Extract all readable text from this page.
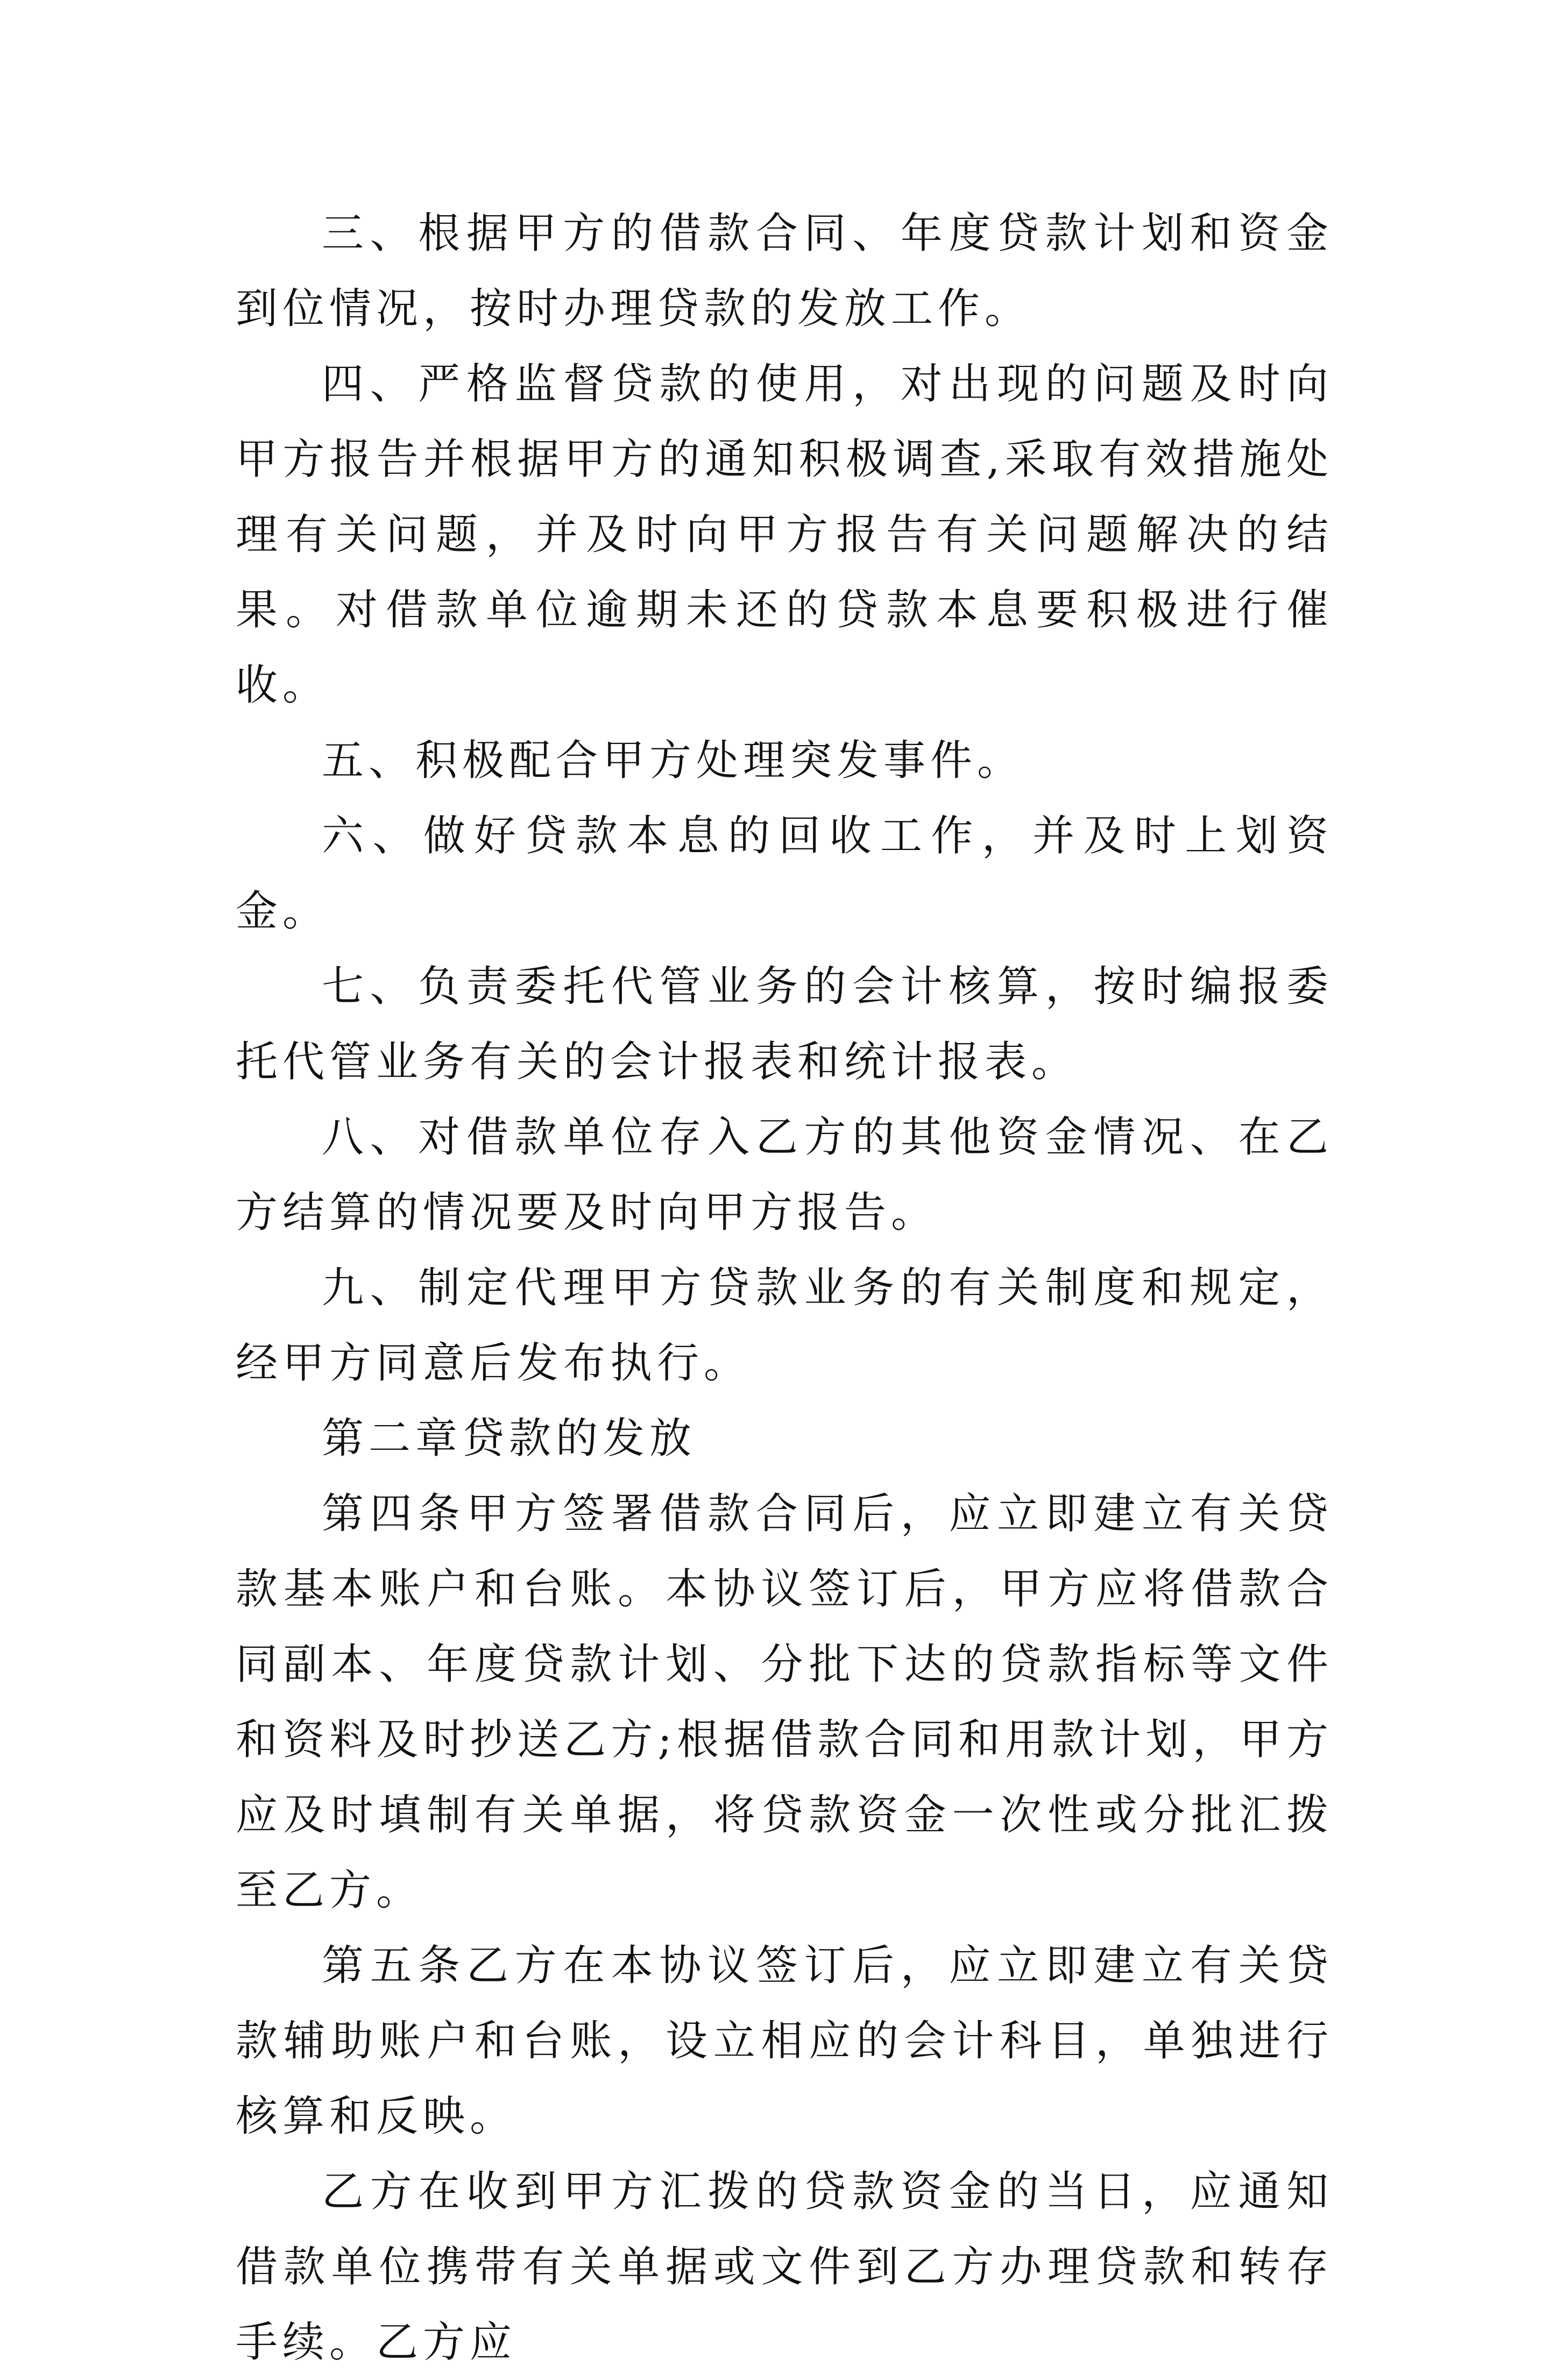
三、根据甲方的借款合同、年度贷款计划和资金到位情况，按时办理贷款的发放工作。

四、严格监督贷款的使用，对出现的问题及时向甲方报告并根据甲方的通知积极调查,采取有效措施处理有关问题，并及时向甲方报告有关问题解决的结果。对借款单位逾期未还的贷款本息要积极进行催收。

五、积极配合甲方处理突发事件。

六、做好贷款本息的回收工作，并及时上划资金。

七、负责委托代管业务的会计核算，按时编报委托代管业务有关的会计报表和统计报表。

八、对借款单位存入乙方的其他资金情况、在乙方结算的情况要及时向甲方报告。

九、制定代理甲方贷款业务的有关制度和规定，经甲方同意后发布执行。

第二章贷款的发放

第四条甲方签署借款合同后，应立即建立有关贷款基本账户和台账。本协议签订后，甲方应将借款合同副本、年度贷款计划、分批下达的贷款指标等文件和资料及时抄送乙方;根据借款合同和用款计划，甲方应及时填制有关单据，将贷款资金一次性或分批汇拨至乙方。

第五条乙方在本协议签订后，应立即建立有关贷款辅助账户和台账，设立相应的会计科目，单独进行核算和反映。

乙方在收到甲方汇拨的贷款资金的当日，应通知借款单位携带有关单据或文件到乙方办理贷款和转存手续。乙方应
